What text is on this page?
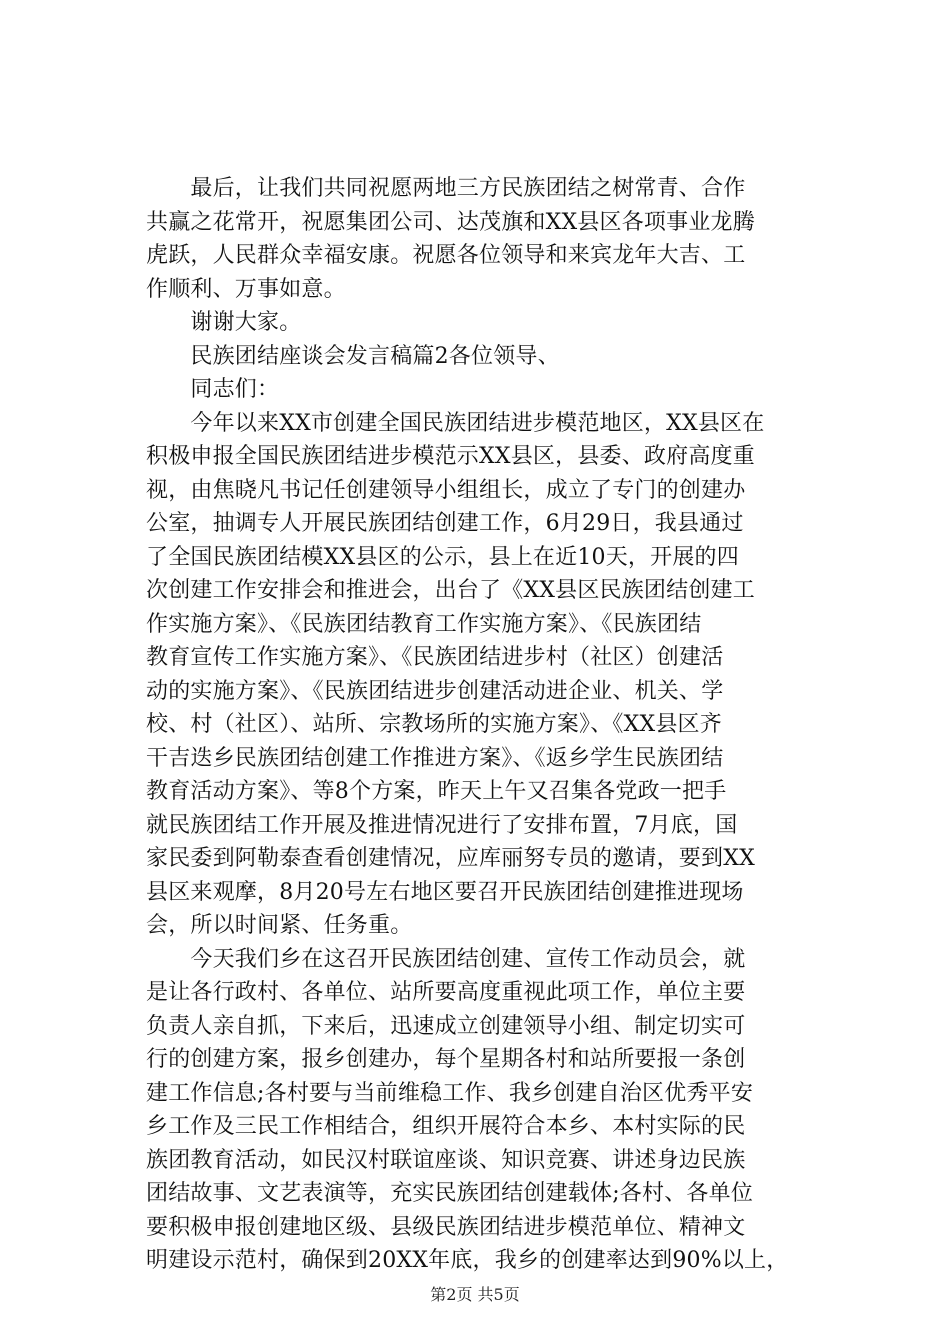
　　最后，让我们共同祝愿两地三方民族团结之树常青、合作
共赢之花常开，祝愿集团公司、达茂旗和XX县区各项事业龙腾
虎跃，人民群众幸福安康。祝愿各位领导和来宾龙年大吉、工
作顺利、万事如意。
　　谢谢大家。
　　民族团结座谈会发言稿篇2各位领导、
　　同志们：
　　今年以来XX市创建全国民族团结进步模范地区，XX县区在
积极申报全国民族团结进步模范示XX县区，县委、政府高度重
视，由焦晓凡书记任创建领导小组组长，成立了专门的创建办
公室，抽调专人开展民族团结创建工作，6月29日，我县通过
了全国民族团结模XX县区的公示，县上在近10天，开展的四
次创建工作安排会和推进会，出台了《XX县区民族团结创建工
作实施方案》、《民族团结教育工作实施方案》、《民族团结
教育宣传工作实施方案》、《民族团结进步村（社区）创建活
动的实施方案》、《民族团结进步创建活动进企业、机关、学
校、村（社区）、站所、宗教场所的实施方案》、《XX县区齐
干吉迭乡民族团结创建工作推进方案》、《返乡学生民族团结
教育活动方案》、等8个方案，昨天上午又召集各党政一把手
就民族团结工作开展及推进情况进行了安排布置，7月底，国
家民委到阿勒泰查看创建情况，应库丽努专员的邀请，要到XX
县区来观摩，8月20号左右地区要召开民族团结创建推进现场
会，所以时间紧、任务重。
　　今天我们乡在这召开民族团结创建、宣传工作动员会，就
是让各行政村、各单位、站所要高度重视此项工作，单位主要
负责人亲自抓，下来后，迅速成立创建领导小组、制定切实可
行的创建方案，报乡创建办，每个星期各村和站所要报一条创
建工作信息;各村要与当前维稳工作、我乡创建自治区优秀平安
乡工作及三民工作相结合，组织开展符合本乡、本村实际的民
族团教育活动，如民汉村联谊座谈、知识竞赛、讲述身边民族
团结故事、文艺表演等，充实民族团结创建载体;各村、各单位
要积极申报创建地区级、县级民族团结进步模范单位、精神文
明建设示范村，确保到20XX年底，我乡的创建率达到90%以上，
第2页 共5页
